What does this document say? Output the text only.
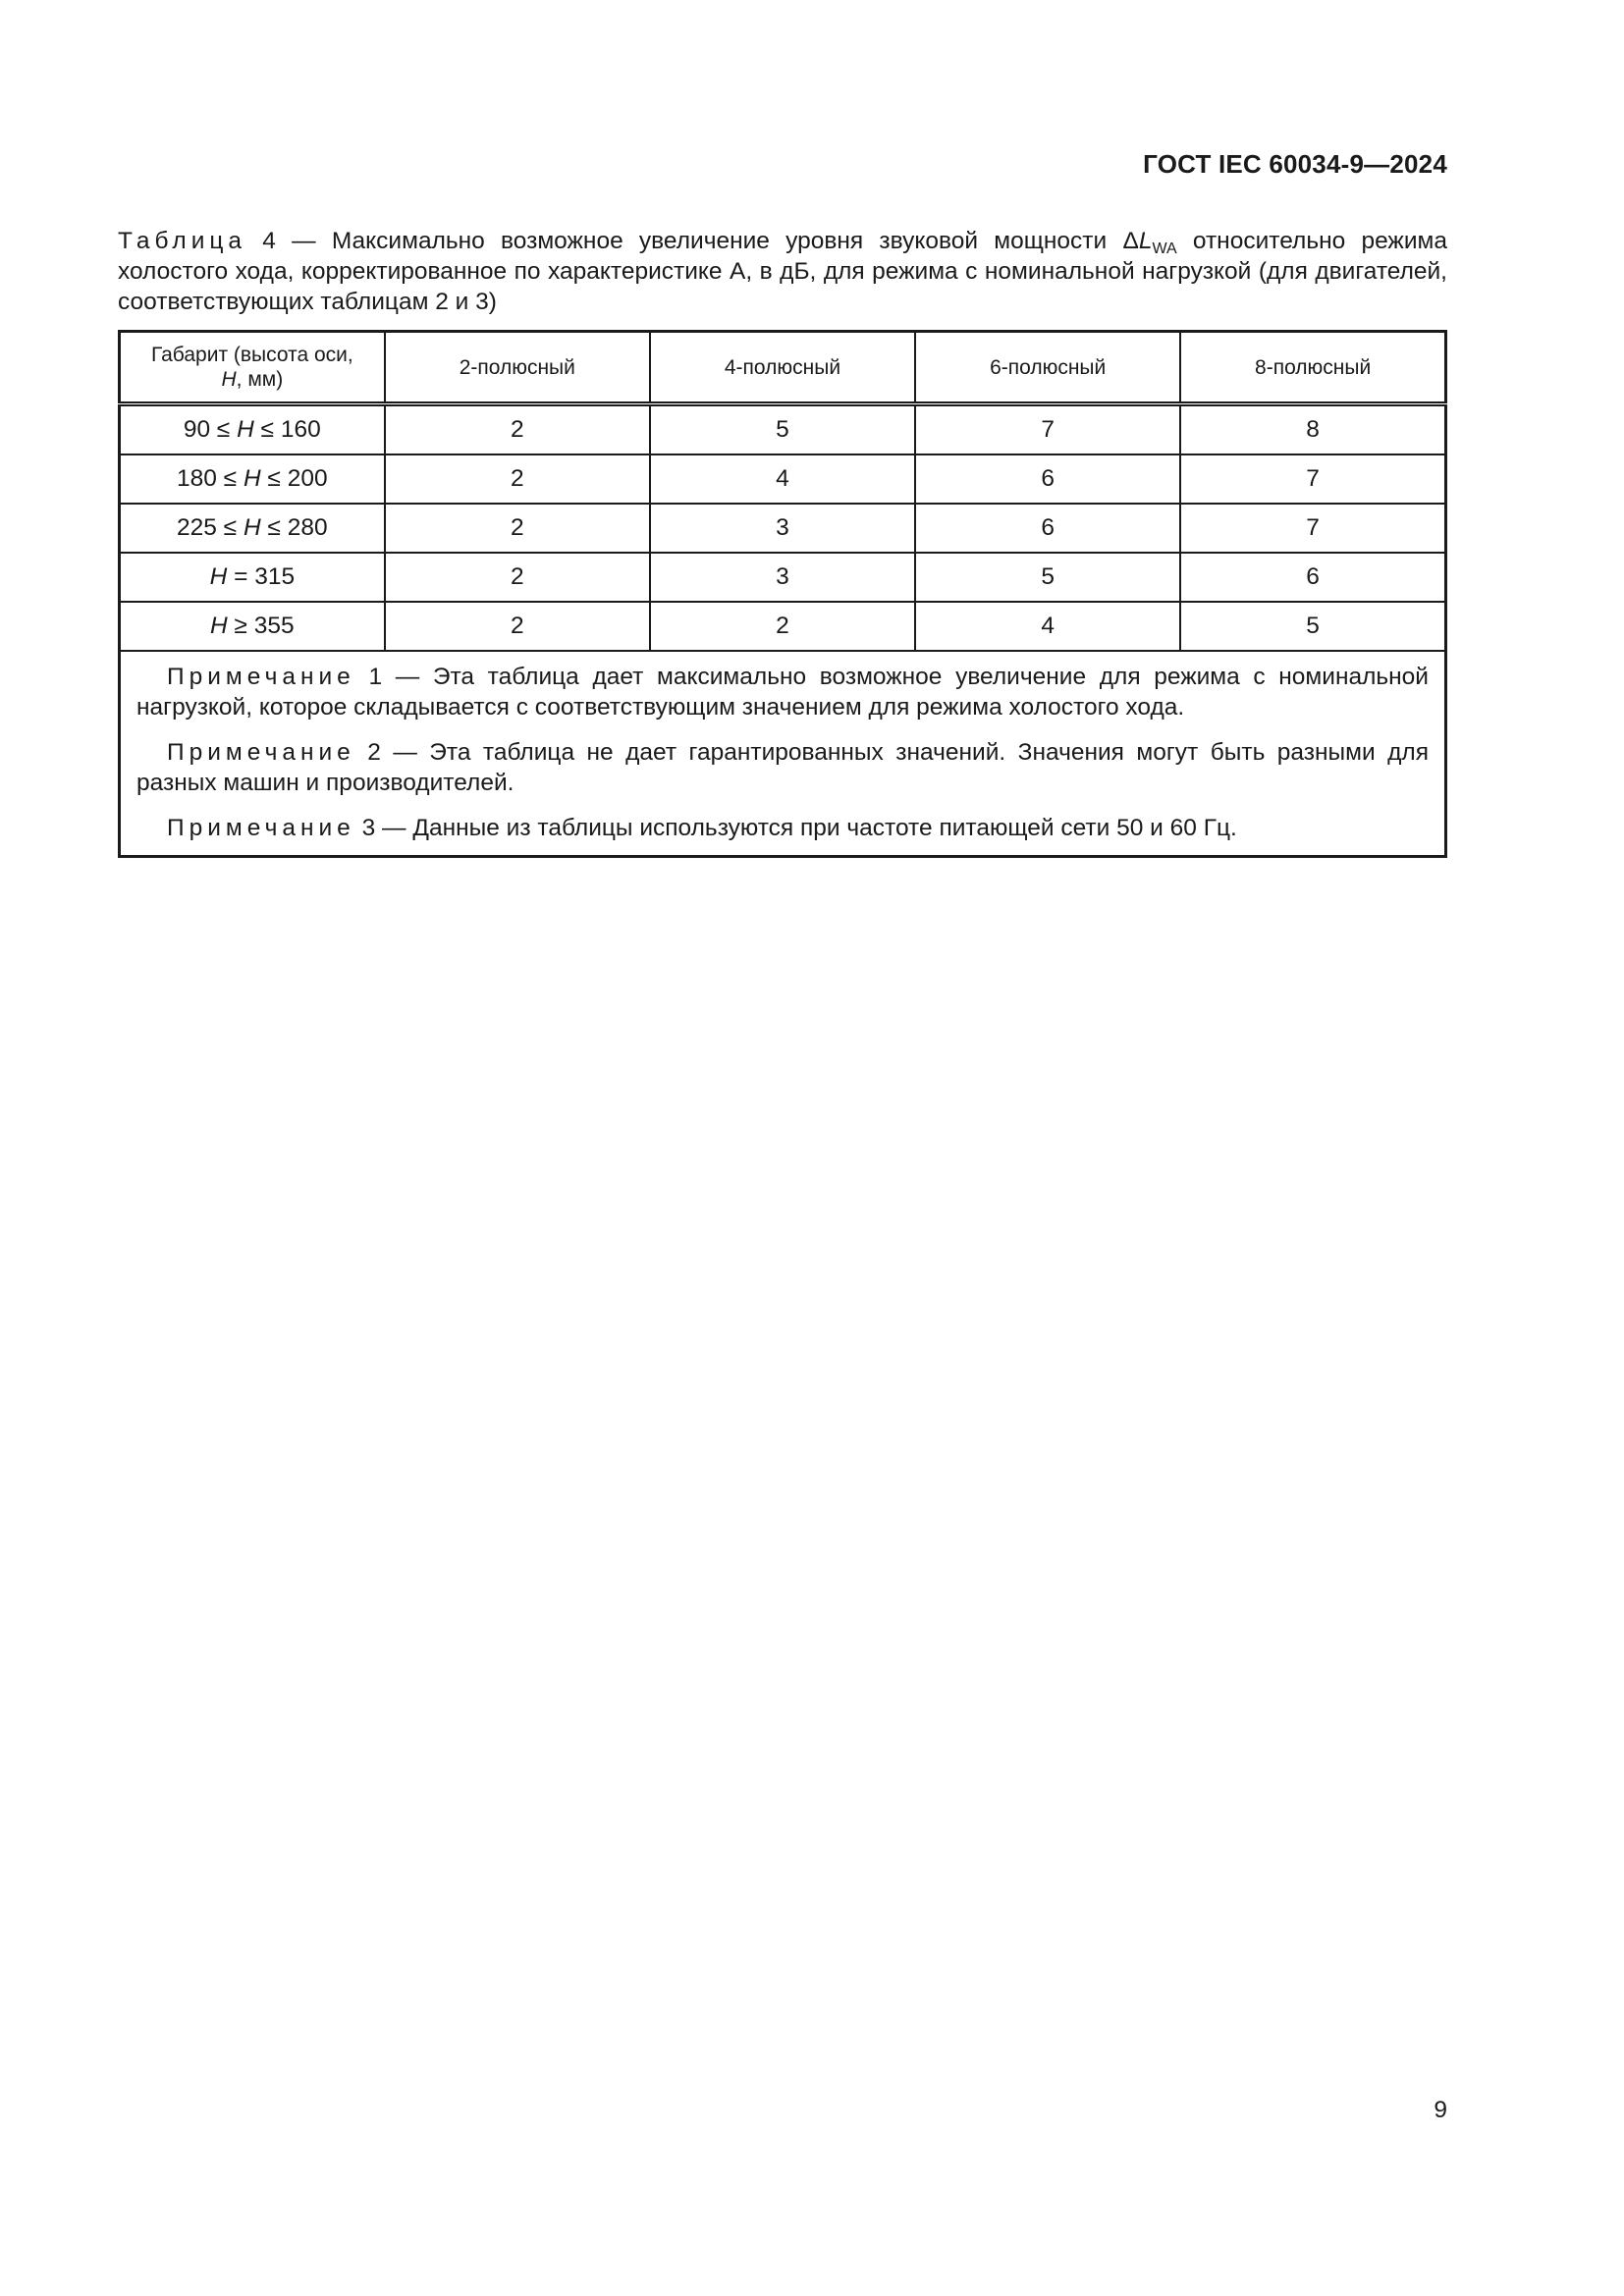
ГОСТ IEC 60034-9—2024
Таблица 4 — Максимально возможное увеличение уровня звуковой мощности $\Delta L_{WA}$ относительно режима холостого хода, корректированное по характеристике А, в дБ, для режима с номинальной нагрузкой (для двигателей, соответствующих таблицам 2 и 3)
Габарит (высота оси,
H, мм)	2-полюсный	4-полюсный	6-полюсный	8-полюсный
90 ≤ H ≤ 160	2	5	7	8
180 ≤ H ≤ 200	2	4	6	7
225 ≤ H ≤ 280	2	3	6	7
H = 315	2	3	5	6
H ≥ 355	2	2	4	5

Примечание 1 — Эта таблица дает максимально возможное увеличение для режима с номинальной нагрузкой, которое складывается с соответствующим значением для режима холостого хода.

Примечание 2 — Эта таблица не дает гарантированных значений. Значения могут быть разными для разных машин и производителей.

Примечание 3 — Данные из таблицы используются при частоте питающей сети 50 и 60 Гц.				

9
